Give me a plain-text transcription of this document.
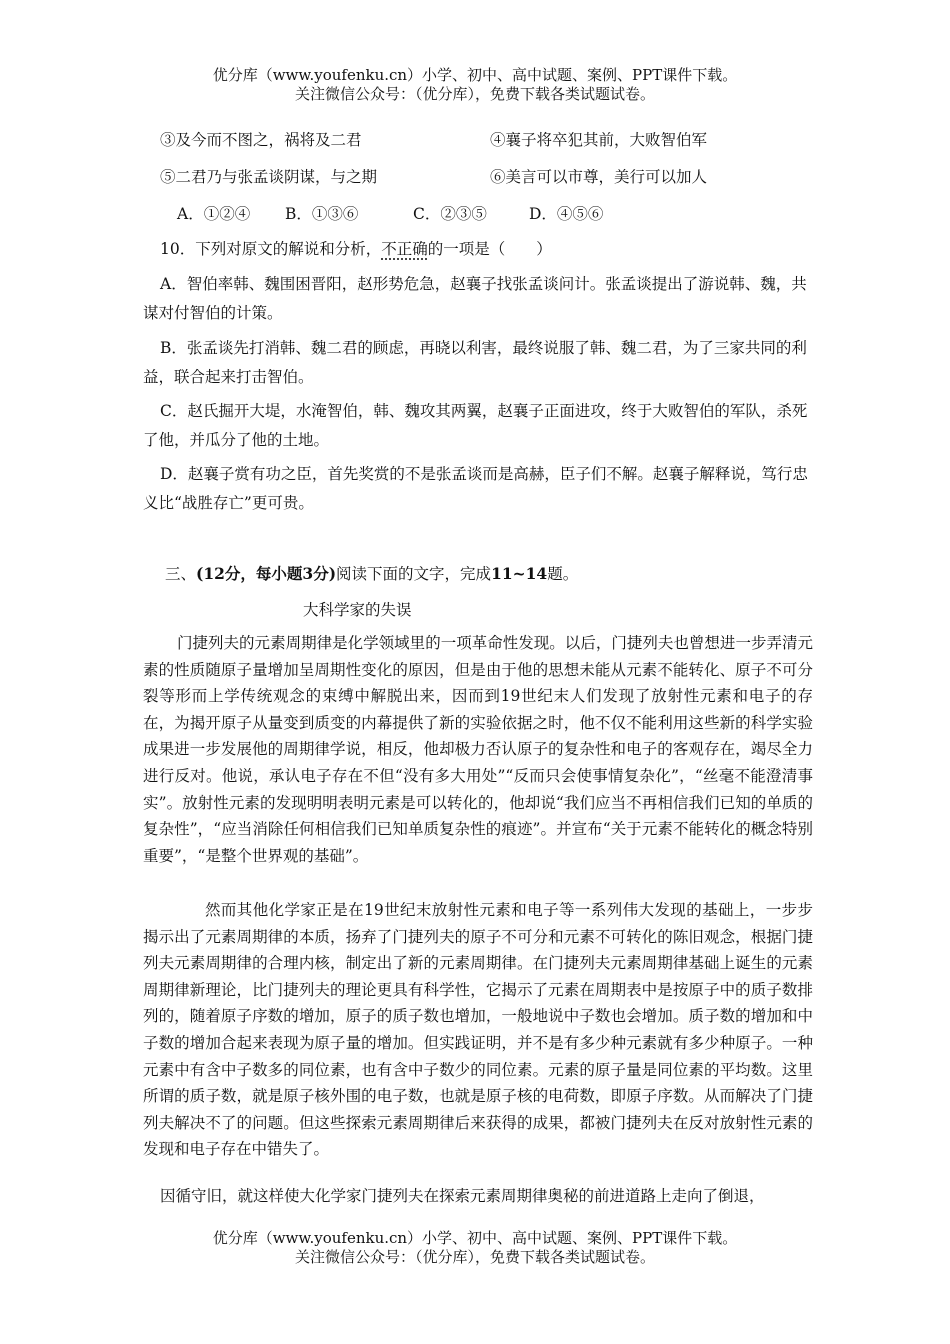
优分库（www.youfenku.cn）小学、初中、高中试题、案例、PPT课件下载。
关注微信公众号：（优分库），免费下载各类试题试卷。
③及今而不图之，祸将及二君	④襄子将卒犯其前，大败智伯军
⑤二君乃与张孟谈阴谋，与之期	⑥美言可以市尊，美行可以加人
A．①②④ B．①③⑥	C．②③⑤	D．④⑤⑥
10．下列对原文的解说和分析，不正确的一项是（　　）
A．智伯率韩、魏围困晋阳，赵形势危急，赵襄子找张孟谈问计。张孟谈提出了游说韩、魏，共谋对付智伯的计策。
B．张孟谈先打消韩、魏二君的顾虑，再晓以利害，最终说服了韩、魏二君，为了三家共同的利益，联合起来打击智伯。
C．赵氏掘开大堤，水淹智伯，韩、魏攻其两翼，赵襄子正面进攻，终于大败智伯的军队，杀死了他，并瓜分了他的土地。
D．赵襄子赏有功之臣，首先奖赏的不是张孟谈而是高赫，臣子们不解。赵襄子解释说，笃行忠义比“战胜存亡”更可贵。
三、(12分，每小题3分)阅读下面的文字，完成11~14题。
大科学家的失误
门捷列夫的元素周期律是化学领域里的一项革命性发现。以后，门捷列夫也曾想进一步弄清元素的性质随原子量增加呈周期性变化的原因，但是由于他的思想未能从元素不能转化、原子不可分裂等形而上学传统观念的束缚中解脱出来，因而到19世纪末人们发现了放射性元素和电子的存在，为揭开原子从量变到质变的内幕提供了新的实验依据之时，他不仅不能利用这些新的科学实验成果进一步发展他的周期律学说，相反，他却极力否认原子的复杂性和电子的客观存在，竭尽全力进行反对。他说，承认电子存在不但“没有多大用处”“反而只会使事情复杂化”，“丝毫不能澄清事实”。放射性元素的发现明明表明元素是可以转化的，他却说“我们应当不再相信我们已知的单质的复杂性”，“应当消除任何相信我们已知单质复杂性的痕迹”。并宣布“关于元素不能转化的概念特别重要”，“是整个世界观的基础”。
然而其他化学家正是在19世纪末放射性元素和电子等一系列伟大发现的基础上，一步步揭示出了元素周期律的本质，扬弃了门捷列夫的原子不可分和元素不可转化的陈旧观念，根据门捷列夫元素周期律的合理内核，制定出了新的元素周期律。在门捷列夫元素周期律基础上诞生的元素周期律新理论，比门捷列夫的理论更具有科学性，它揭示了元素在周期表中是按原子中的质子数排列的，随着原子序数的增加，原子的质子数也增加，一般地说中子数也会增加。质子数的增加和中子数的增加合起来表现为原子量的增加。但实践证明，并不是有多少种元素就有多少种原子。一种元素中有含中子数多的同位素，也有含中子数少的同位素。元素的原子量是同位素的平均数。这里所谓的质子数，就是原子核外围的电子数，也就是原子核的电荷数，即原子序数。从而解决了门捷列夫解决不了的问题。但这些探索元素周期律后来获得的成果，都被门捷列夫在反对放射性元素的发现和电子存在中错失了。
因循守旧，就这样使大化学家门捷列夫在探索元素周期律奥秘的前进道路上走向了倒退，
优分库（www.youfenku.cn）小学、初中、高中试题、案例、PPT课件下载。
关注微信公众号：（优分库），免费下载各类试题试卷。
